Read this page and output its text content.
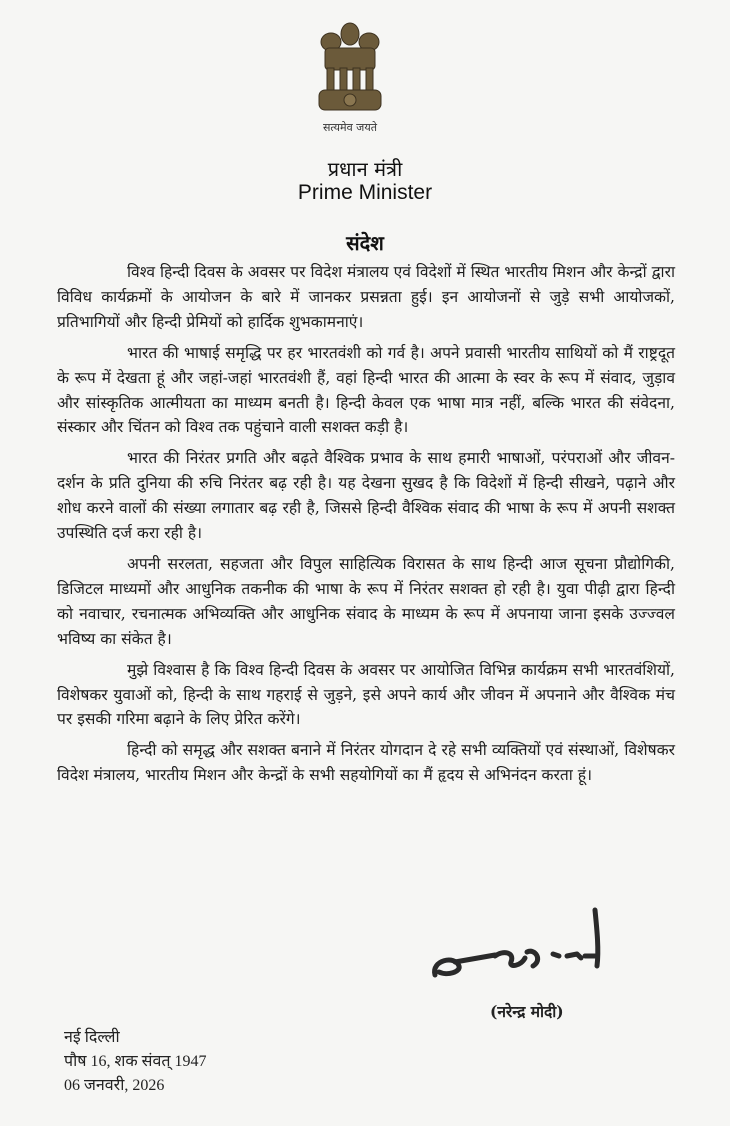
सत्यमेव जयते
प्रधान मंत्री
Prime Minister
संदेश

विश्व हिन्दी दिवस के अवसर पर विदेश मंत्रालय एवं विदेशों में स्थित भारतीय मिशन और केन्द्रों द्वारा विविध कार्यक्रमों के आयोजन के बारे में जानकर प्रसन्नता हुई। इन आयोजनों से जुड़े सभी आयोजकों, प्रतिभागियों और हिन्दी प्रेमियों को हार्दिक शुभकामनाएं।

भारत की भाषाई समृद्धि पर हर भारतवंशी को गर्व है। अपने प्रवासी भारतीय साथियों को मैं राष्ट्रदूत के रूप में देखता हूं और जहां-जहां भारतवंशी हैं, वहां हिन्दी भारत की आत्मा के स्वर के रूप में संवाद, जुड़ाव और सांस्कृतिक आत्मीयता का माध्यम बनती है। हिन्दी केवल एक भाषा मात्र नहीं, बल्कि भारत की संवेदना, संस्कार और चिंतन को विश्व तक पहुंचाने वाली सशक्त कड़ी है।

भारत की निरंतर प्रगति और बढ़ते वैश्विक प्रभाव के साथ हमारी भाषाओं, परंपराओं और जीवन-दर्शन के प्रति दुनिया की रुचि निरंतर बढ़ रही है। यह देखना सुखद है कि विदेशों में हिन्दी सीखने, पढ़ाने और शोध करने वालों की संख्या लगातार बढ़ रही है, जिससे हिन्दी वैश्विक संवाद की भाषा के रूप में अपनी सशक्त उपस्थिति दर्ज करा रही है।

अपनी सरलता, सहजता और विपुल साहित्यिक विरासत के साथ हिन्दी आज सूचना प्रौद्योगिकी, डिजिटल माध्यमों और आधुनिक तकनीक की भाषा के रूप में निरंतर सशक्त हो रही है। युवा पीढ़ी द्वारा हिन्दी को नवाचार, रचनात्मक अभिव्यक्ति और आधुनिक संवाद के माध्यम के रूप में अपनाया जाना इसके उज्ज्वल भविष्य का संकेत है।

मुझे विश्वास है कि विश्व हिन्दी दिवस के अवसर पर आयोजित विभिन्न कार्यक्रम सभी भारतवंशियों, विशेषकर युवाओं को, हिन्दी के साथ गहराई से जुड़ने, इसे अपने कार्य और जीवन में अपनाने और वैश्विक मंच पर इसकी गरिमा बढ़ाने के लिए प्रेरित करेंगे।

हिन्दी को समृद्ध और सशक्त बनाने में निरंतर योगदान दे रहे सभी व्यक्तियों एवं संस्थाओं, विशेषकर विदेश मंत्रालय, भारतीय मिशन और केन्द्रों के सभी सहयोगियों का मैं हृदय से अभिनंदन करता हूं।

(नरेन्द्र मोदी)
नई दिल्ली
पौष 16, शक संवत् 1947
06 जनवरी, 2026
